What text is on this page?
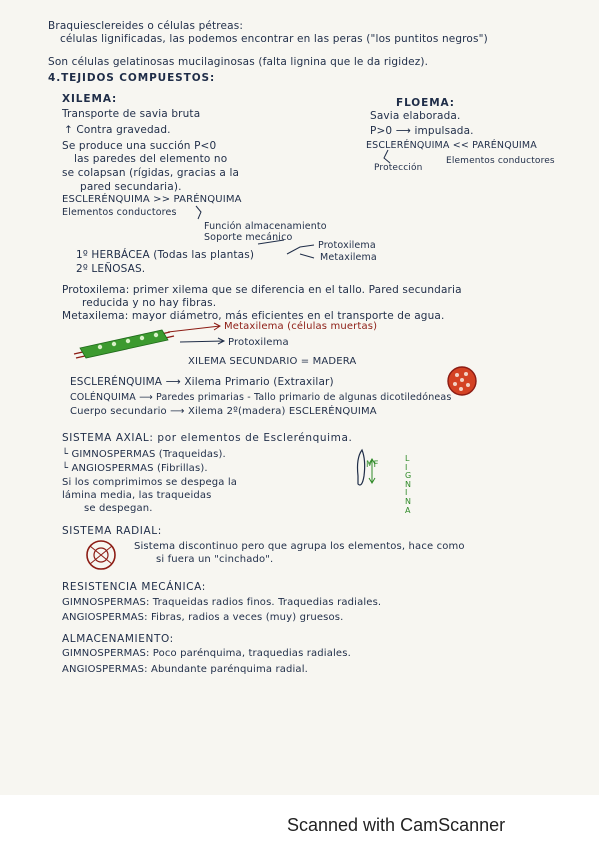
Braquiesclereides o células pétreas:
células lignificadas, las podemos encontrar en las peras ("los puntitos negros")
Son células gelatinosas mucilaginosas (falta lignina que le da rigidez).
4.TEJIDOS COMPUESTOS:
XILEMA:	FLOEMA:
Transporte de savia bruta	Savia elaborada.
↑ Contra gravedad.	P>0 ⟶ impulsada.
Se produce una succión P<0	ESCLERÉNQUIMA << PARÉNQUIMA
las paredes del elemento no
Protección
Elementos conductores
se colapsan (rígidas, gracias a la
pared secundaria).
ESCLERÉNQUIMA >> PARÉNQUIMA
Elementos conductores
Función almacenamiento
Soporte mecánico
Protoxilema
Metaxilema
1º HERBÁCEA (Todas las plantas)
2º LEÑOSAS.
Protoxilema: primer xilema que se diferencia en el tallo. Pared secundaria
reducida y no hay fibras.
Metaxilema: mayor diámetro, más eficientes en el transporte de agua.
Metaxilema (células muertas)
Protoxilema
XILEMA SECUNDARIO = MADERA
ESCLERÉNQUIMA ⟶ Xilema Primario (Extraxilar)
COLÉNQUIMA ⟶ Paredes primarias - Tallo primario de algunas dicotiledóneas
Cuerpo secundario ⟶ Xilema 2º(madera) ESCLERÉNQUIMA
SISTEMA AXIAL: por elementos de Esclerénquima.
└ GIMNOSPERMAS (Traqueidas).
└ ANGIOSPERMAS (Fibrillas).
Si los comprimimos se despega la
lámina media, las traqueidas
se despegan.
MF
L
I
G
N
I
N
A
SISTEMA RADIAL:
Sistema discontinuo pero que agrupa los elementos, hace como
si fuera un "cinchado".
RESISTENCIA MECÁNICA:
GIMNOSPERMAS: Traqueidas radios finos. Traquedias radiales.
ANGIOSPERMAS: Fibras, radios a veces (muy) gruesos.
ALMACENAMIENTO:
GIMNOSPERMAS: Poco parénquima, traquedias radiales.
ANGIOSPERMAS: Abundante parénquima radial.
Scanned with CamScanner
